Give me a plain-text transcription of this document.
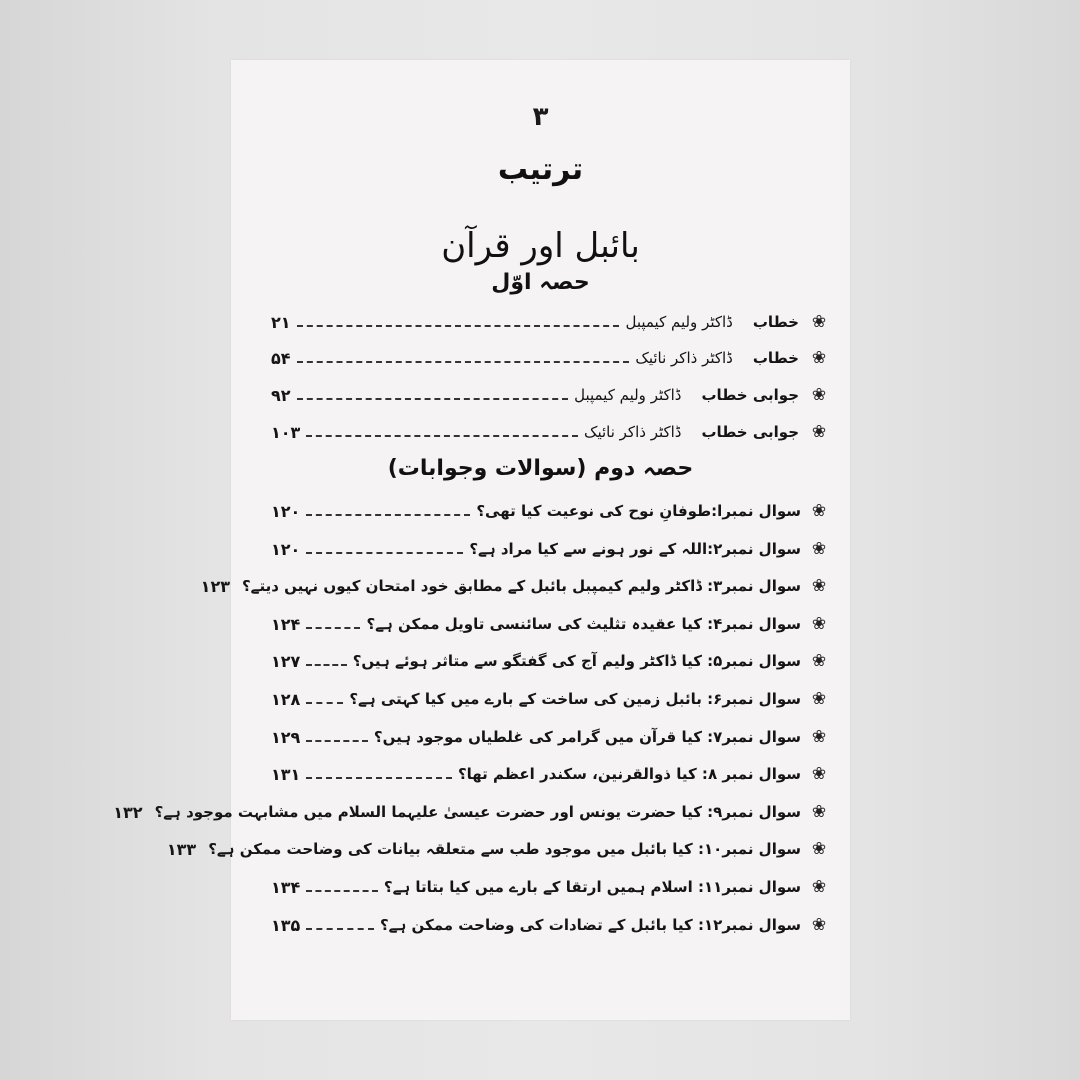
۳
ترتیب
بائبل اور قرآن
حصہ اوّل
❀
خطاب
ڈاکٹر ولیم کیمپبل
۲۱
❀
خطاب
ڈاکٹر ذاکر نائیک
۵۴
❀
جوابی خطاب
ڈاکٹر ولیم کیمپبل
۹۲
❀
جوابی خطاب
ڈاکٹر ذاکر نائیک
۱۰۳
حصہ دوم (سوالات وجوابات)
❀
سوال نمبرا:طوفانِ نوح کی نوعیت کیا تھی؟
۱۲۰
❀
سوال نمبر۲:اللہ کے نور ہونے سے کیا مراد ہے؟
۱۲۰
❀
سوال نمبر۳: ڈاکٹر ولیم کیمپبل بائبل کے مطابق خود امتحان کیوں نہیں دیتے؟
۱۲۳
❀
سوال نمبر۴: کیا عقیدہ تثلیث کی سائنسی تاویل ممکن ہے؟
۱۲۴
❀
سوال نمبر۵: کیا ڈاکٹر ولیم آج کی گفتگو سے متاثر ہوئے ہیں؟
۱۲۷
❀
سوال نمبر۶: بائبل زمین کی ساخت کے بارے میں کیا کہتی ہے؟
۱۲۸
❀
سوال نمبر۷: کیا قرآن میں گرامر کی غلطیاں موجود ہیں؟
۱۲۹
❀
سوال نمبر ۸: کیا ذوالقرنین، سکندر اعظم تھا؟
۱۳۱
❀
سوال نمبر۹: کیا حضرت یونس اور حضرت عیسیٰ علیہما السلام میں مشابہت موجود ہے؟
۱۳۲
❀
سوال نمبر۱۰: کیا بائبل میں موجود طب سے متعلقہ بیانات کی وضاحت ممکن ہے؟
۱۳۳
❀
سوال نمبر۱۱: اسلام ہمیں ارتقا کے بارے میں کیا بتاتا ہے؟
۱۳۴
❀
سوال نمبر۱۲: کیا بائبل کے تضادات کی وضاحت ممکن ہے؟
۱۳۵
